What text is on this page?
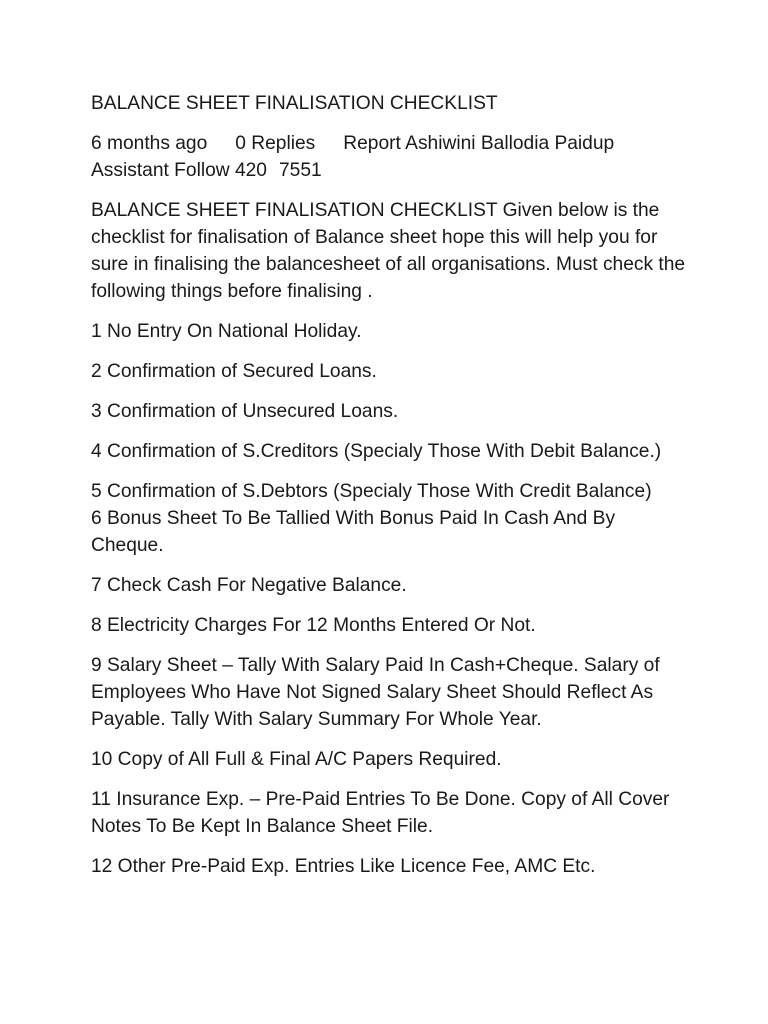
BALANCE SHEET FINALISATION CHECKLIST

6 months ago 0 Replies Report Ashiwini Ballodia Paidup Assistant Follow 420 7551

BALANCE SHEET FINALISATION CHECKLIST Given below is the checklist for finalisation of Balance sheet hope this will help you for sure in finalising the balancesheet of all organisations. Must check the following things before finalising .

1 No Entry On National Holiday.

2 Confirmation of Secured Loans.

3 Confirmation of Unsecured Loans.

4 Confirmation of S.Creditors (Specialy Those With Debit Balance.)

5 Confirmation of S.Debtors (Specialy Those With Credit Balance)

6 Bonus Sheet To Be Tallied With Bonus Paid In Cash And By Cheque.

7 Check Cash For Negative Balance.

8 Electricity Charges For 12 Months Entered Or Not.

9 Salary Sheet – Tally With Salary Paid In Cash+Cheque. Salary of Employees Who Have Not Signed Salary Sheet Should Reflect As Payable. Tally With Salary Summary For Whole Year.

10 Copy of All Full & Final A/C Papers Required.

11 Insurance Exp. – Pre-Paid Entries To Be Done. Copy of All Cover Notes To Be Kept In Balance Sheet File.

12 Other Pre-Paid Exp. Entries Like Licence Fee, AMC Etc.
